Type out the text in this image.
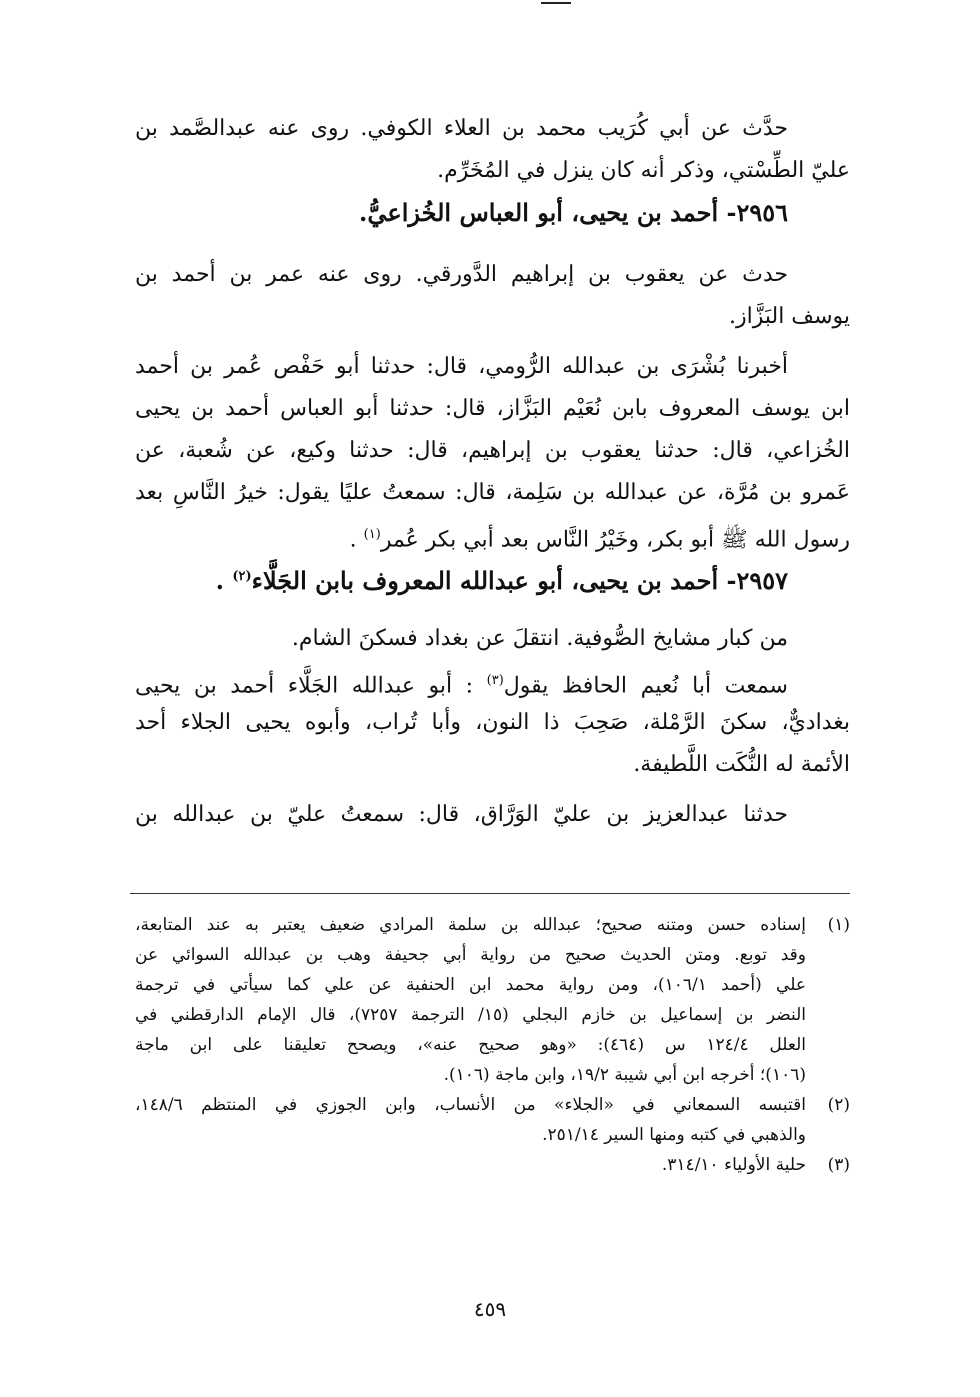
حدَّث عن أبي كُرَيب محمد بن العلاء الكوفي. روى عنه عبدالصَّمد بن
عليّ الطِّسْتي، وذكر أنه كان ينزل في المُخَرِّم.
٢٩٥٦- أحمد بن يحيى، أبو العباس الخُزاعيُّ.
حدث عن يعقوب بن إبراهيم الدَّورقي. روى عنه عمر بن أحمد بن
يوسف البَزَّاز.
أخبرنا بُشْرَى بن عبدالله الرُّومي، قال: حدثنا أبو حَفْص عُمر بن أحمد
ابن يوسف المعروف بابن نُعَيْم البَزَّاز، قال: حدثنا أبو العباس أحمد بن يحيى
الخُزاعي، قال: حدثنا يعقوب بن إبراهيم، قال: حدثنا وكيع، عن شُعبة، عن
عَمرو بن مُرَّة، عن عبدالله بن سَلِمة، قال: سمعتُ عليًا يقول: خيرُ النَّاسِ بعد
رسول الله ﷺ أبو بكر، وخَيْرُ النَّاس بعد أبي بكر عُمر$^{(١)}$ .
٢٩٥٧- أحمد بن يحيى، أبو عبدالله المعروف بابن الجَلَّاء$^{(٢)}$ .
من كبار مشايخ الصُّوفية. انتقلَ عن بغداد فسكنَ الشام.
سمعت أبا نُعيم الحافظ يقول$^{(٣)}$ : أبو عبدالله الجَلَّاء أحمد بن يحيى
بغداديٌّ، سكنَ الرَّمْلة، صَحِبَ ذا النون، وأبا تُراب، وأبوه يحيى الجلاء أحد
الأئمة له النُّكَت اللَّطيفة.
حدثنا عبدالعزيز بن عليّ الوَرَّاق، قال: سمعتُ عليّ بن عبدالله بن
(١)
إسناده حسن ومتنه صحيح؛ عبدالله بن سلمة المرادي ضعيف يعتبر به عند المتابعة،
وقد توبع. ومتن الحديث صحيح من رواية أبي جحيفة وهب بن عبدالله السوائي عن
علي (أحمد ١٠٦/١)، ومن رواية محمد ابن الحنفية عن علي كما سيأتي في ترجمة
النضر بن إسماعيل بن خازم البجلي (١٥/ الترجمة ٧٢٥٧)، قال الإمام الدارقطني في
العلل ١٢٤/٤ س (٤٦٤): «وهو صحيح عنه»، ويصحح تعليقنا على ابن ماجة
(١٠٦)؛ أخرجه ابن أبي شيبة ١٩/٢، وابن ماجة (١٠٦).
(٢)
اقتبسه السمعاني في «الجلاء» من الأنساب، وابن الجوزي في المنتظم ١٤٨/٦،
والذهبي في كتبه ومنها السير ٢٥١/١٤.
(٣)
حلية الأولياء ٣١٤/١٠.
٤٥٩
